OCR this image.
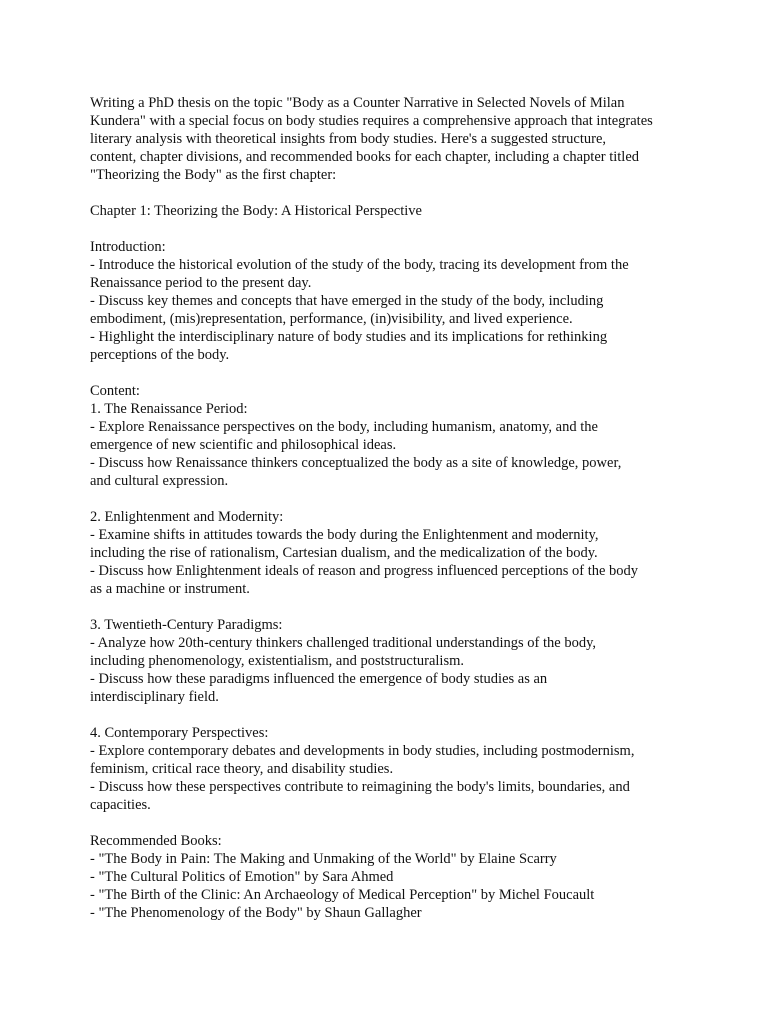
Writing a PhD thesis on the topic "Body as a Counter Narrative in Selected Novels of Milan
Kundera" with a special focus on body studies requires a comprehensive approach that integrates
literary analysis with theoretical insights from body studies. Here's a suggested structure,
content, chapter divisions, and recommended books for each chapter, including a chapter titled
"Theorizing the Body" as the first chapter:

Chapter 1: Theorizing the Body: A Historical Perspective

Introduction:

- Introduce the historical evolution of the study of the body, tracing its development from the
Renaissance period to the present day.
- Discuss key themes and concepts that have emerged in the study of the body, including
embodiment, (mis)representation, performance, (in)visibility, and lived experience.
- Highlight the interdisciplinary nature of body studies and its implications for rethinking
perceptions of the body.

Content:

1. The Renaissance Period:

- Explore Renaissance perspectives on the body, including humanism, anatomy, and the
emergence of new scientific and philosophical ideas.
- Discuss how Renaissance thinkers conceptualized the body as a site of knowledge, power,
and cultural expression.

2. Enlightenment and Modernity:

- Examine shifts in attitudes towards the body during the Enlightenment and modernity,
including the rise of rationalism, Cartesian dualism, and the medicalization of the body.
- Discuss how Enlightenment ideals of reason and progress influenced perceptions of the body
as a machine or instrument.

3. Twentieth-Century Paradigms:

- Analyze how 20th-century thinkers challenged traditional understandings of the body,
including phenomenology, existentialism, and poststructuralism.
- Discuss how these paradigms influenced the emergence of body studies as an
interdisciplinary field.

4. Contemporary Perspectives:

- Explore contemporary debates and developments in body studies, including postmodernism,
feminism, critical race theory, and disability studies.
- Discuss how these perspectives contribute to reimagining the body's limits, boundaries, and
capacities.

Recommended Books:

- "The Body in Pain: The Making and Unmaking of the World" by Elaine Scarry

- "The Cultural Politics of Emotion" by Sara Ahmed

- "The Birth of the Clinic: An Archaeology of Medical Perception" by Michel Foucault

- "The Phenomenology of the Body" by Shaun Gallagher
